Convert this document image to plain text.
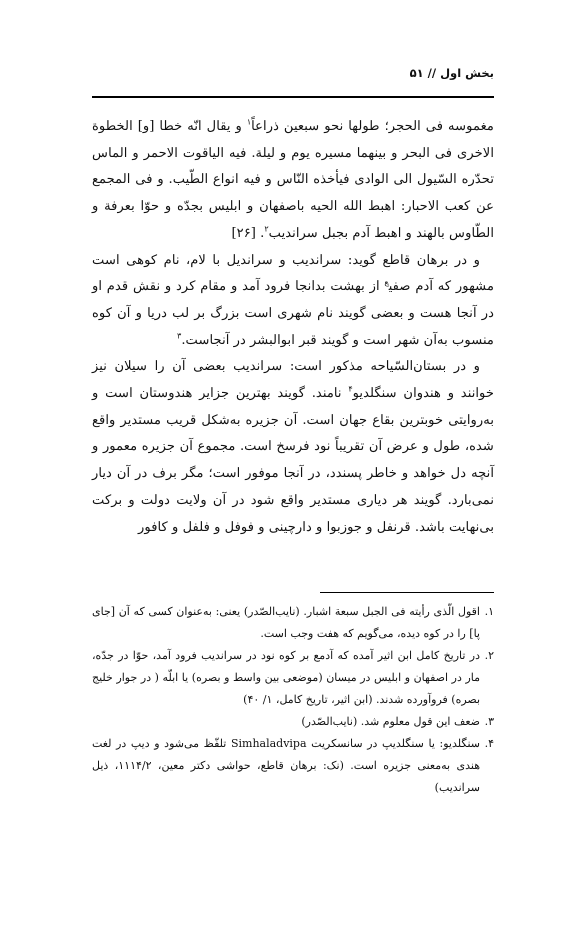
بخش اول // ۵۱

مغموسه فی الحجر؛ طولها نحو سبعین ذراعاً$^۱$ و یقال انّه خطا [و] الخطوة الاخری فی البحر و بینهما مسیره یوم و لیلة. فیه الیاقوت الاحمر و الماس تحدّره السّیول الی الوادی فیأخذه النّاس و فیه انواع الطّیب. و فی المجمع عن کعب الاحبار: اهبط الله الحیه باصفهان و ابلیس بجدّه و حوّا بعرفة و الطّاوس بالهند و اهبط آدم بجبل سرانديب$^۲$. [۲۶]

و در برهان قاطع گوید: سراندیب و سراندیل با لام، نام کوهی است مشهور که آدم صفی$^ع$ از بهشت بدانجا فرود آمد و مقام کرد و نقش قدم او در آنجا هست و بعضی گویند نام شهری است بزرگ بر لب دریا و آن کوه منسوب به‌آن شهر است و گویند قبر ابوالبشر در آنجاست.$^۳$

و در بستان‌السّیاحه مذکور است: سراندیب بعضی آن را سیلان نیز خوانند و هندوان سنگلدیو$^۴$ نامند. گویند بهترین جزایر هندوستان است و به‌روایتی خوبترین بقاع جهان است. آن جزیره به‌شکل قریب مستدیر واقع شده، طول و عرض آن تقریباً نود فرسخ است. مجموع آن جزیره معمور و آنچه دل خواهد و خاطر پسندد، در آنجا موفور است؛ مگر برف در آن دیار نمی‌بارد. گویند هر دیاری مستدیر واقع شود در آن ولایت دولت و برکت بی‌نهایت باشد. قرنفل و جوزبوا و دارچینی و فوفل و فلفل و کافور

۱.
اقول الّذی رأیته فی الجبل سبعة اشبار. (نایب‌الصّدر) یعنی: به‌عنوان کسی که آن [جای پا] را در کوه دیده، می‌گویم که هفت وجب است.
۲.
در تاریخ کامل ابن اثیر آمده که آدمع بر کوه نود در سراندیب فرود آمد، حوّا در جدّه، مار در اصفهان و ابلیس در میسان (موضعی بین واسط و بصره) یا ابلّه ( در جوار خلیج بصره) فروآورده شدند. (ابن اثیر، تاریخ کامل، ۱/ ۴۰)
۳.
ضعف این قول معلوم شد. (نایب‌الصّدر)
۴.
سنگلدیو: یا سنگلدیپ در سانسکریت Simhaladvipa تلفّظ می‌شود و دیپ در لغت هندی به‌معنی جزیره است. (نک: برهان قاطع، حواشی دکتر معین، ۱۱۱۴/۲، ذیل سراندیب)
